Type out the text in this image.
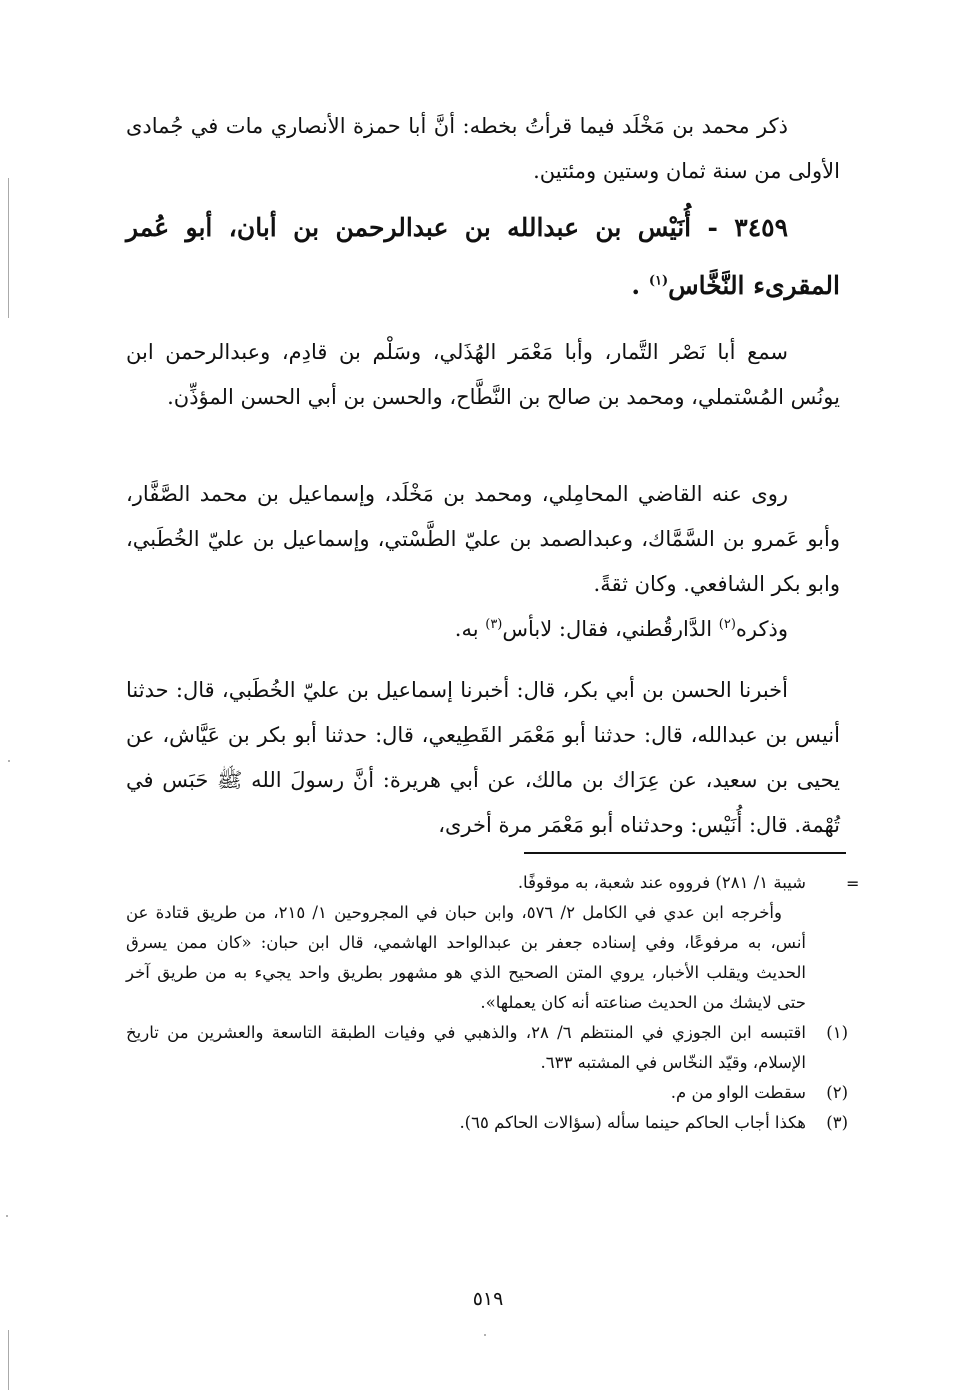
ذكر محمد بن مَخْلَد فيما قرأتُ بخطه: أنَّ أبا حمزة الأنصاري مات في جُمادى الأولى من سنة ثمان وستين ومئتين.

٣٤٥٩ - أُنَيْس بن عبدالله بن عبدالرحمن بن أبان، أبو عُمر المقرىء النَّخَّاس$^{(١)}$ .

سمع أبا نَصْر التَّمار، وأبا مَعْمَر الهُذَلي، وسَلْم بن قادِم، وعبدالرحمن ابن يونُس المُسْتملي، ومحمد بن صالح بن النَّطَّاح، والحسن بن أبي الحسن المؤذِّن.

روى عنه القاضي المحامِلي، ومحمد بن مَخْلَد، وإسماعيل بن محمد الصَّفَّار، وأبو عَمرو بن السَّمَّاك، وعبدالصمد بن عليّ الطَّسْتي، وإسماعيل بن عليّ الخُطَبي، وابو بكر الشافعي. وكان ثقةً.

وذكره$^{(٢)}$ الدَّارقُطني، فقال: لابأس$^{(٣)}$ به.

أخبرنا الحسن بن أبي بكر، قال: أخبرنا إسماعيل بن عليّ الخُطَبي، قال: حدثنا أنيس بن عبدالله، قال: حدثنا أبو مَعْمَر القَطِيعي، قال: حدثنا أبو بكر بن عَيَّاش، عن يحيى بن سعيد، عن عِرَاك بن مالك، عن أبي هريرة: أنَّ رسولَ الله ﷺ حَبَس في تُهْمة. قال: أُنَيْس: وحدثناه أبو مَعْمَر مرة أخرى،

=

شيبة ١/ ٢٨١) فرووه عند شعبة، به موقوفًا.

وأخرجه ابن عدي في الكامل ٢/ ٥٧٦، وابن حبان في المجروحين ١/ ٢١٥، من طريق قتادة عن أنس، به مرفوعًا، وفي إسناده جعفر بن عبدالواحد الهاشمي، قال ابن حبان: «كان ممن يسرق الحديث ويقلب الأخبار، يروي المتن الصحيح الذي هو مشهور بطريق واحد يجيء به من طريق آخر حتى لايشك من الحديث صناعته أنه كان يعملها».

(١)
اقتبسه ابن الجوزي في المنتظم ٦/ ٢٨، والذهبي في وفيات الطبقة التاسعة والعشرين من تاريخ الإسلام، وقيّد النخّاس في المشتبه ٦٣٣.
(٢)
سقطت الواو من م.
(٣)
هكذا أجاب الحاكم حينما سأله (سؤالات الحاكم ٦٥).
٥١٩
